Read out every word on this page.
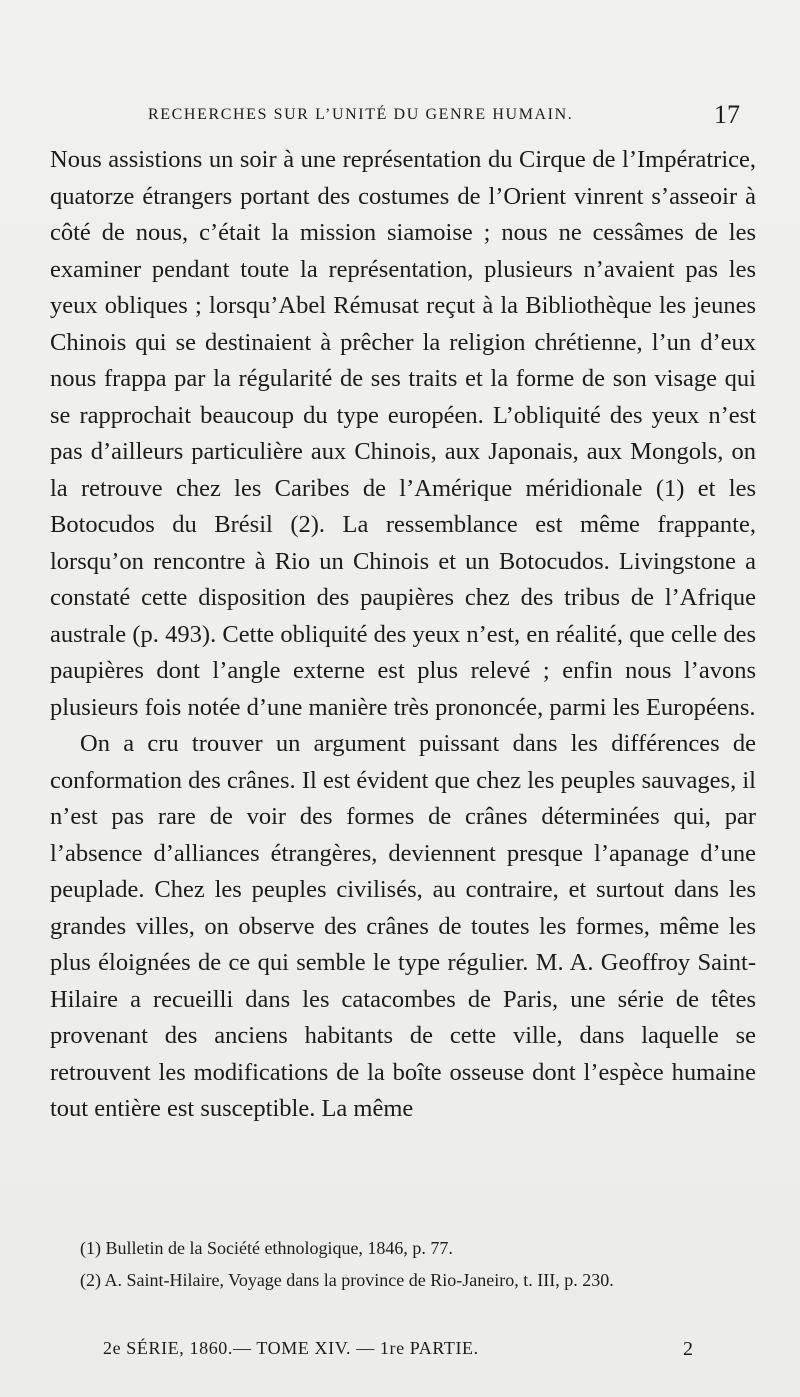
RECHERCHES SUR L’UNITÉ DU GENRE HUMAIN.	17

Nous assistions un soir à une représentation du Cirque de l’Impératrice, quatorze étrangers portant des costumes de l’Orient vinrent s’asseoir à côté de nous, c’était la mission siamoise ; nous ne cessâmes de les examiner pendant toute la représentation, plusieurs n’avaient pas les yeux obliques ; lorsqu’Abel Rémusat reçut à la Bibliothèque les jeunes Chinois qui se destinaient à prêcher la religion chrétienne, l’un d’eux nous frappa par la régularité de ses traits et la forme de son visage qui se rapprochait beaucoup du type européen. L’obliquité des yeux n’est pas d’ailleurs particulière aux Chinois, aux Japonais, aux Mongols, on la retrouve chez les Caribes de l’Amérique méridionale (1) et les Botocudos du Brésil (2). La ressemblance est même frappante, lorsqu’on rencontre à Rio un Chinois et un Botocudos. Livingstone a constaté cette disposition des paupières chez des tribus de l’Afrique australe (p. 493). Cette obliquité des yeux n’est, en réalité, que celle des paupières dont l’angle externe est plus relevé ; enfin nous l’avons plusieurs fois notée d’une manière très prononcée, parmi les Européens.

On a cru trouver un argument puissant dans les différences de conformation des crânes. Il est évident que chez les peuples sauvages, il n’est pas rare de voir des formes de crânes déterminées qui, par l’absence d’alliances étrangères, deviennent presque l’apanage d’une peuplade. Chez les peuples civilisés, au contraire, et surtout dans les grandes villes, on observe des crânes de toutes les formes, même les plus éloignées de ce qui semble le type régulier. M. A. Geoffroy Saint-Hilaire a recueilli dans les catacombes de Paris, une série de têtes provenant des anciens habitants de cette ville, dans laquelle se retrouvent les modifications de la boîte osseuse dont l’espèce humaine tout entière est susceptible. La même

(1) Bulletin de la Société ethnologique, 1846, p. 77.

(2) A. Saint-Hilaire, Voyage dans la province de Rio-Janeiro, t. III, p. 230.

2e SÉRIE, 1860.— TOME XIV. — 1re PARTIE.	2
